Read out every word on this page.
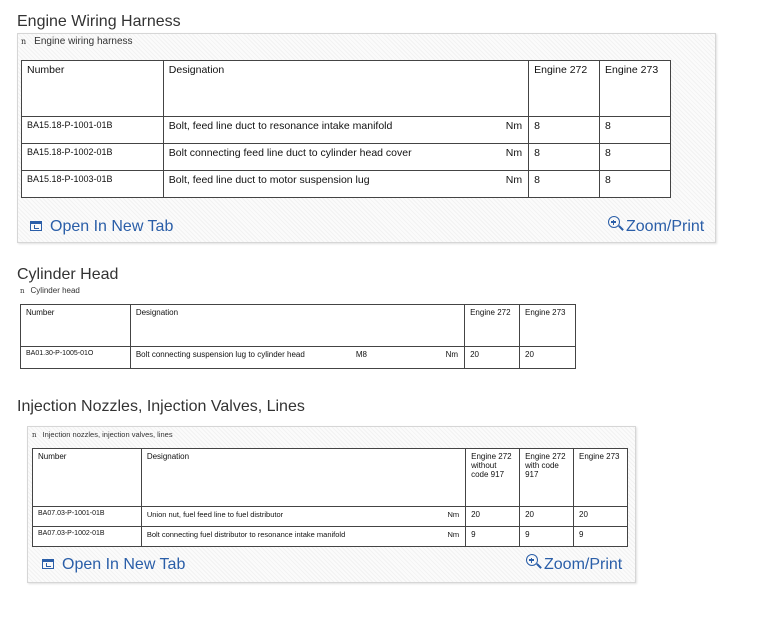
Engine Wiring Harness
n Engine wiring harness
Number	Designation	Engine 272	Engine 273
BA15.18-P-1001-01B	Bolt, feed line duct to resonance intake manifold Nm	8	8
BA15.18-P-1002-01B	Bolt connecting feed line duct to cylinder head cover Nm	8	8
BA15.18-P-1003-01B	Bolt, feed line duct to motor suspension lug Nm	8	8
Open In New Tab	Zoom/Print
Cylinder Head
n Cylinder head
Number	Designation	Engine 272	Engine 273
BA01.30-P-1005-01O	Bolt connecting suspension lug to cylinder head M8 Nm	20	20
Injection Nozzles, Injection Valves, Lines
n Injection nozzles, injection valves, lines
Number	Designation	Engine 272 without code 917	Engine 272 with code 917	Engine 273
BA07.03-P-1001-01B	Union nut, fuel feed line to fuel distributor Nm	20	20	20
BA07.03-P-1002-01B	Bolt connecting fuel distributor to resonance intake manifold Nm	9	9	9
Open In New Tab	Zoom/Print
